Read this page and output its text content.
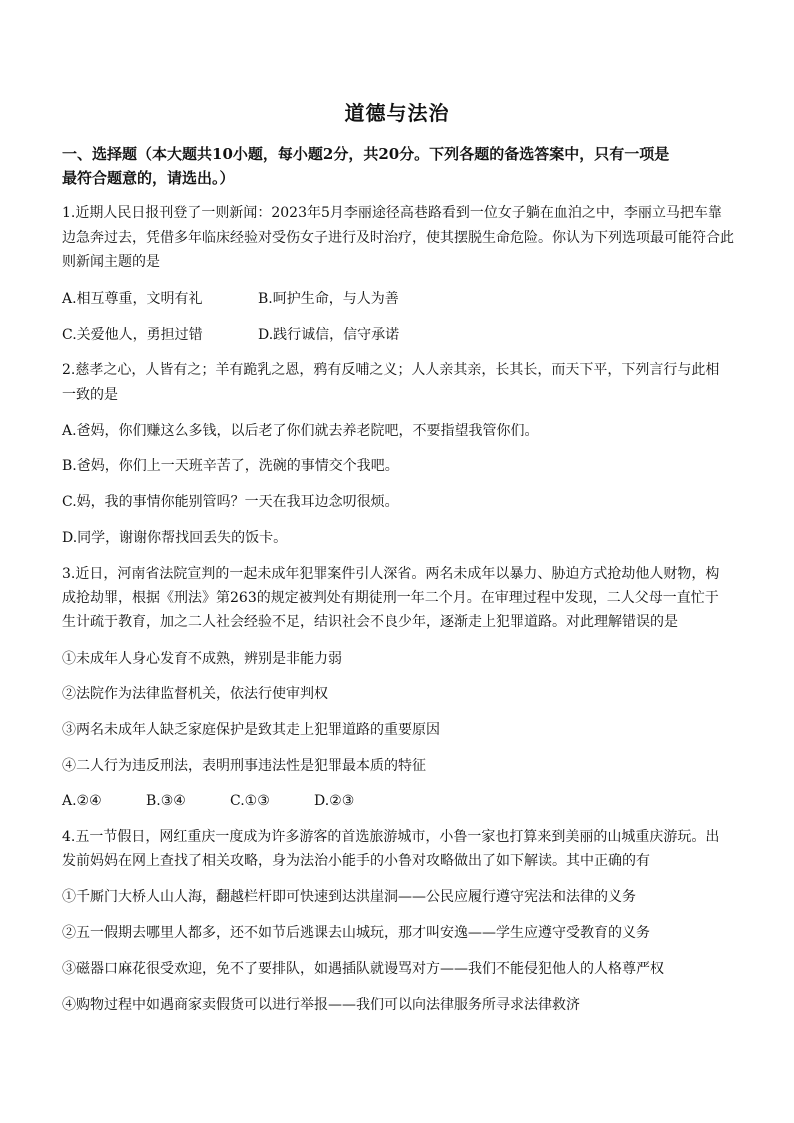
道德与法治
一、选择题（本大题共10小题，每小题2分，共20分。下列各题的备选答案中，只有一项是
最符合题意的，请选出。）
1.近期人民日报刊登了一则新闻：2023年5月李丽途径高巷路看到一位女子躺在血泊之中，李丽立马把车靠
边急奔过去，凭借多年临床经验对受伤女子进行及时治疗，使其摆脱生命危险。你认为下列选项最可能符合此
则新闻主题的是
A.相互尊重，文明有礼	B.呵护生命，与人为善
C.关爱他人，勇担过错	D.践行诚信，信守承诺
2.慈孝之心，人皆有之；羊有跪乳之恩，鸦有反哺之义；人人亲其亲，长其长，而天下平，下列言行与此相
一致的是
A.爸妈，你们赚这么多钱，以后老了你们就去养老院吧，不要指望我管你们。
B.爸妈，你们上一天班辛苦了，洗碗的事情交个我吧。
C.妈，我的事情你能别管吗？一天在我耳边念叨很烦。
D.同学，谢谢你帮找回丢失的饭卡。
3.近日，河南省法院宣判的一起未成年犯罪案件引人深省。两名未成年以暴力、胁迫方式抢劫他人财物，构
成抢劫罪，根据《刑法》第263的规定被判处有期徒刑一年二个月。在审理过程中发现，二人父母一直忙于
生计疏于教育，加之二人社会经验不足，结识社会不良少年，逐渐走上犯罪道路。对此理解错误的是
①未成年人身心发育不成熟，辨别是非能力弱
②法院作为法律监督机关，依法行使审判权
③两名未成年人缺乏家庭保护是致其走上犯罪道路的重要原因
④二人行为违反刑法，表明刑事违法性是犯罪最本质的特征
A.②④	B.③④	C.①③	D.②③
4.五一节假日，网红重庆一度成为许多游客的首选旅游城市，小鲁一家也打算来到美丽的山城重庆游玩。出
发前妈妈在网上查找了相关攻略，身为法治小能手的小鲁对攻略做出了如下解读。其中正确的有
①千厮门大桥人山人海，翻越栏杆即可快速到达洪崖洞——公民应履行遵守宪法和法律的义务
②五一假期去哪里人都多，还不如节后逃课去山城玩，那才叫安逸——学生应遵守受教育的义务
③磁器口麻花很受欢迎，免不了要排队，如遇插队就谩骂对方——我们不能侵犯他人的人格尊严权
④购物过程中如遇商家卖假货可以进行举报——我们可以向法律服务所寻求法律救济
